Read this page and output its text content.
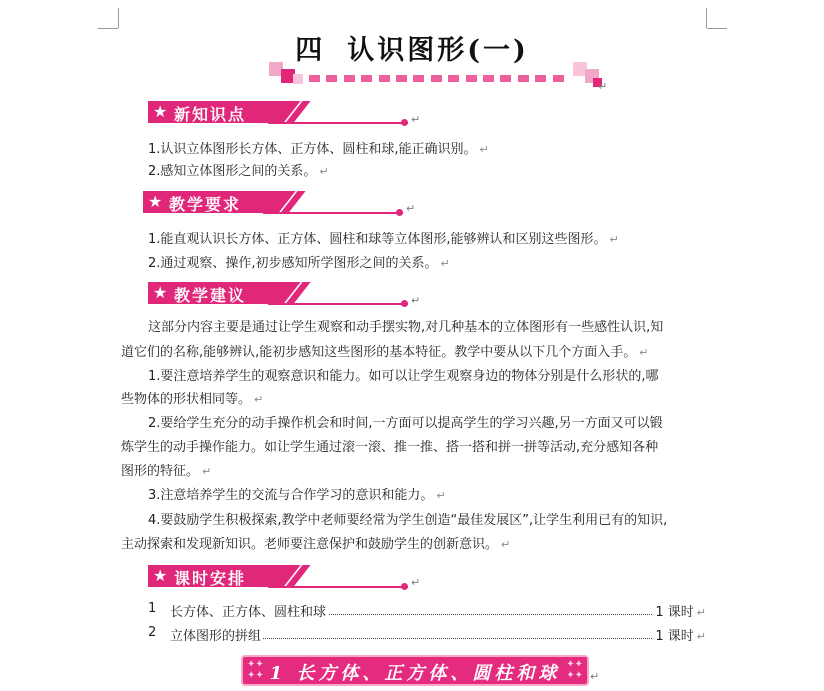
四 认识图形(一)
↵
★ 新知识点	↵
1.认识立体图形长方体、正方体、圆柱和球,能正确识别。 ↵
2.感知立体图形之间的关系。 ↵
★ 教学要求	↵
1.能直观认识长方体、正方体、圆柱和球等立体图形,能够辨认和区别这些图形。 ↵
2.通过观察、操作,初步感知所学图形之间的关系。 ↵
★ 教学建议	↵
这部分内容主要是通过让学生观察和动手摆实物,对几种基本的立体图形有一些感性认识,知
道它们的名称,能够辨认,能初步感知这些图形的基本特征。教学中要从以下几个方面入手。 ↵
1.要注意培养学生的观察意识和能力。如可以让学生观察身边的物体分别是什么形状的,哪
些物体的形状相同等。 ↵
2.要给学生充分的动手操作机会和时间,一方面可以提高学生的学习兴趣,另一方面又可以锻
炼学生的动手操作能力。如让学生通过滚一滚、推一推、搭一搭和拼一拼等活动,充分感知各种
图形的特征。 ↵
3.注意培养学生的交流与合作学习的意识和能力。 ↵
4.要鼓励学生积极探索,教学中老师要经常为学生创造“最佳发展区”,让学生利用已有的知识,
主动探索和发现新知识。老师要注意保护和鼓励学生的创新意识。 ↵
★ 课时安排	↵
1 长方体、正方体、圆柱和球	1 课时 ↵
2 立体图形的拼组	1 课时 ↵
✦✦
✦✦ 1 长方体、正方体、圆柱和球 ✦✦
✦✦ ↵
